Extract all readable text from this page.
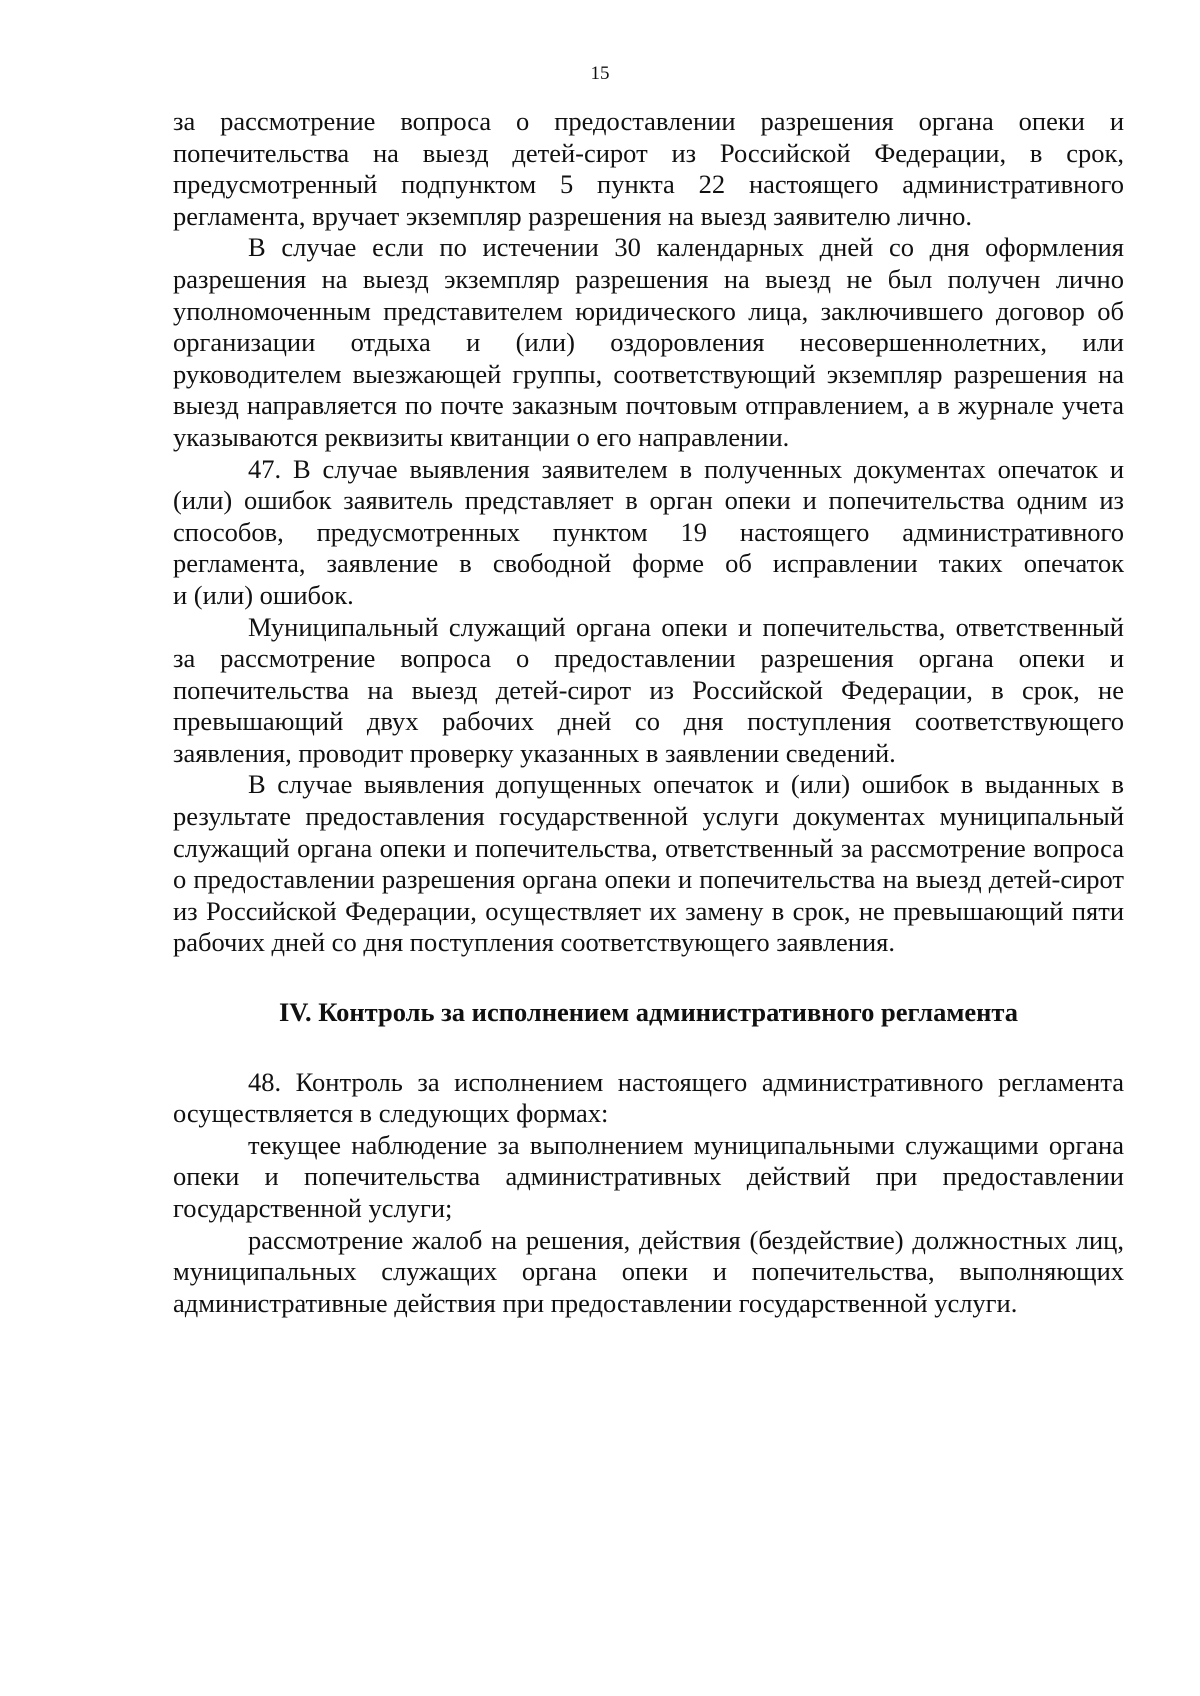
15

за рассмотрение вопроса о предоставлении разрешения органа опеки и попечительства на выезд детей-сирот из Российской Федерации, в срок, предусмотренный подпунктом 5 пункта 22 настоящего административного регламента, вручает экземпляр разрешения на выезд заявителю лично.

В случае если по истечении 30 календарных дней со дня оформления разрешения на выезд экземпляр разрешения на выезд не был получен лично уполномоченным представителем юридического лица, заключившего договор об организации отдыха и (или) оздоровления несовершеннолетних, или руководителем выезжающей группы, соответствующий экземпляр разрешения на выезд направляется по почте заказным почтовым отправлением, а в журнале учета указываются реквизиты квитанции о его направлении.

47. В случае выявления заявителем в полученных документах опечаток и (или) ошибок заявитель представляет в орган опеки и попечительства одним из способов, предусмотренных пунктом 19 настоящего административного регламента, заявление в свободной форме об исправлении таких опечаток

и (или) ошибок.

Муниципальный служащий органа опеки и попечительства, ответственный за рассмотрение вопроса о предоставлении разрешения органа опеки и попечительства на выезд детей-сирот из Российской Федерации, в срок, не превышающий двух рабочих дней со дня поступления соответствующего заявления, проводит проверку указанных в заявлении сведений.

В случае выявления допущенных опечаток и (или) ошибок в выданных в результате предоставления государственной услуги документах муниципальный служащий органа опеки и попечительства, ответственный за рассмотрение вопроса о предоставлении разрешения органа опеки и попечительства на выезд детей-сирот из Российской Федерации, осуществляет их замену в срок, не превышающий пяти рабочих дней со дня поступления соответствующего заявления.

IV. Контроль за исполнением административного регламента

48. Контроль за исполнением настоящего административного регламента осуществляется в следующих формах:

текущее наблюдение за выполнением муниципальными служащими органа опеки и попечительства административных действий при предоставлении государственной услуги;

рассмотрение жалоб на решения, действия (бездействие) должностных лиц, муниципальных служащих органа опеки и попечительства, выполняющих административные действия при предоставлении государственной услуги.
